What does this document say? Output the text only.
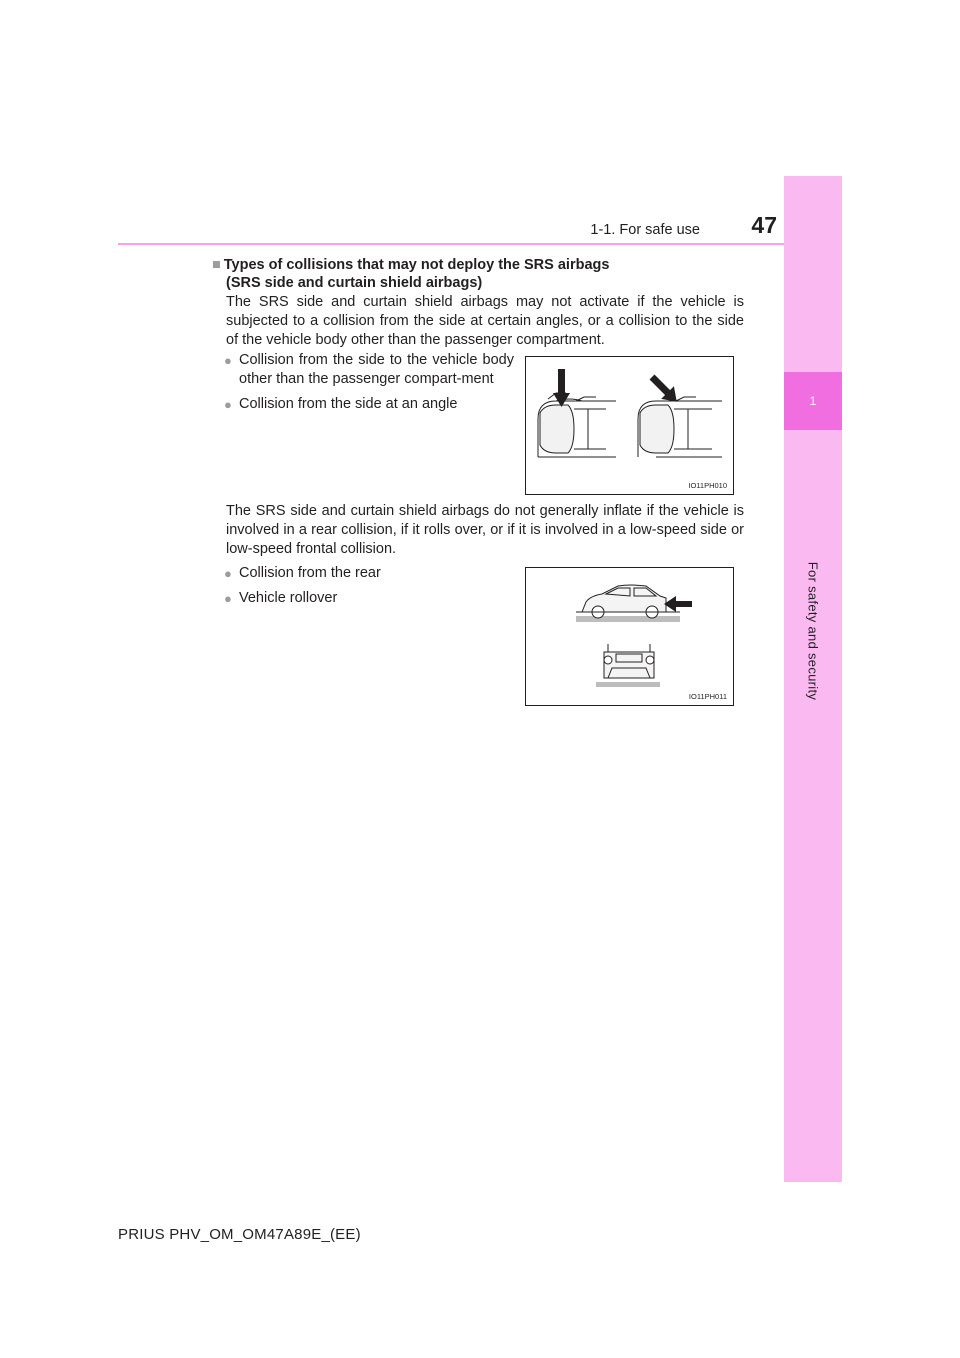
1
For safety and security
1-1. For safe use	47
■ Types of collisions that may not deploy the SRS airbags
(SRS side and curtain shield airbags)
The SRS side and curtain shield airbags may not activate if the vehicle is subjected to a collision from the side at certain angles, or a collision to the side of the vehicle body other than the passenger compartment.
● Collision from the side to the vehicle body other than the passenger compart-ment
● Collision from the side at an angle
IO11PH010
The SRS side and curtain shield airbags do not generally inflate if the vehicle is involved in a rear collision, if it rolls over, or if it is involved in a low-speed side or low-speed frontal collision.
● Collision from the rear
● Vehicle rollover
IO11PH011
PRIUS PHV_OM_OM47A89E_(EE)
